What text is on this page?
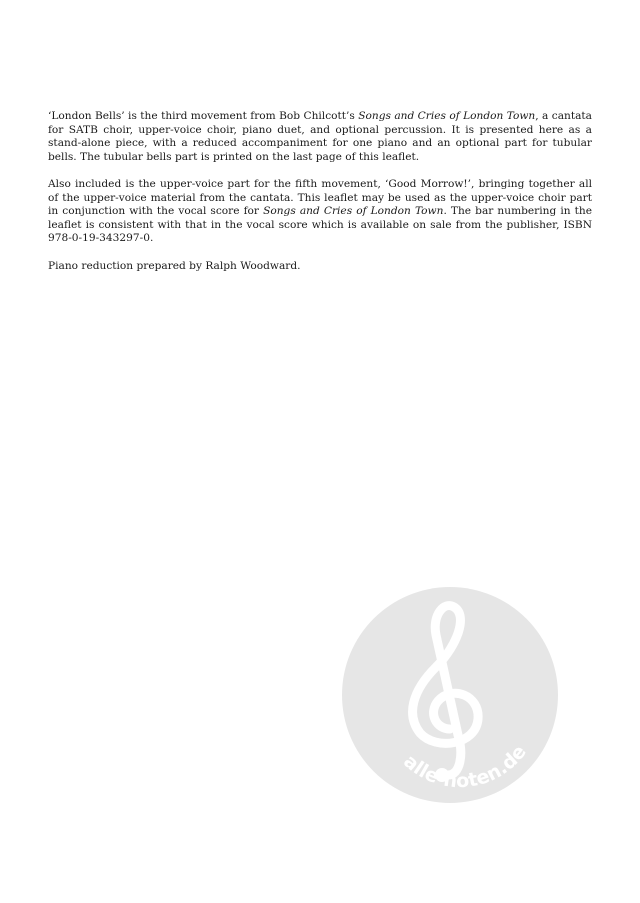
‘London Bells’ is the third movement from Bob Chilcott’s Songs and Cries of London Town, a cantata for SATB choir, upper-voice choir, piano duet, and optional percussion. It is presented here as a stand-alone piece, with a reduced accompaniment for one piano and an optional part for tubular bells. The tubular bells part is printed on the last page of this leaflet.

Also included is the upper-voice part for the fifth movement, ‘Good Morrow!’, bringing together all of the upper-voice material from the cantata. This leaflet may be used as the upper-voice choir part in conjunction with the vocal score for Songs and Cries of London Town. The bar numbering in the leaflet is consistent with that in the vocal score which is available on sale from the publisher, ISBN 978-0-19-343297-0.

Piano reduction prepared by Ralph Woodward.

alle-noten.de
